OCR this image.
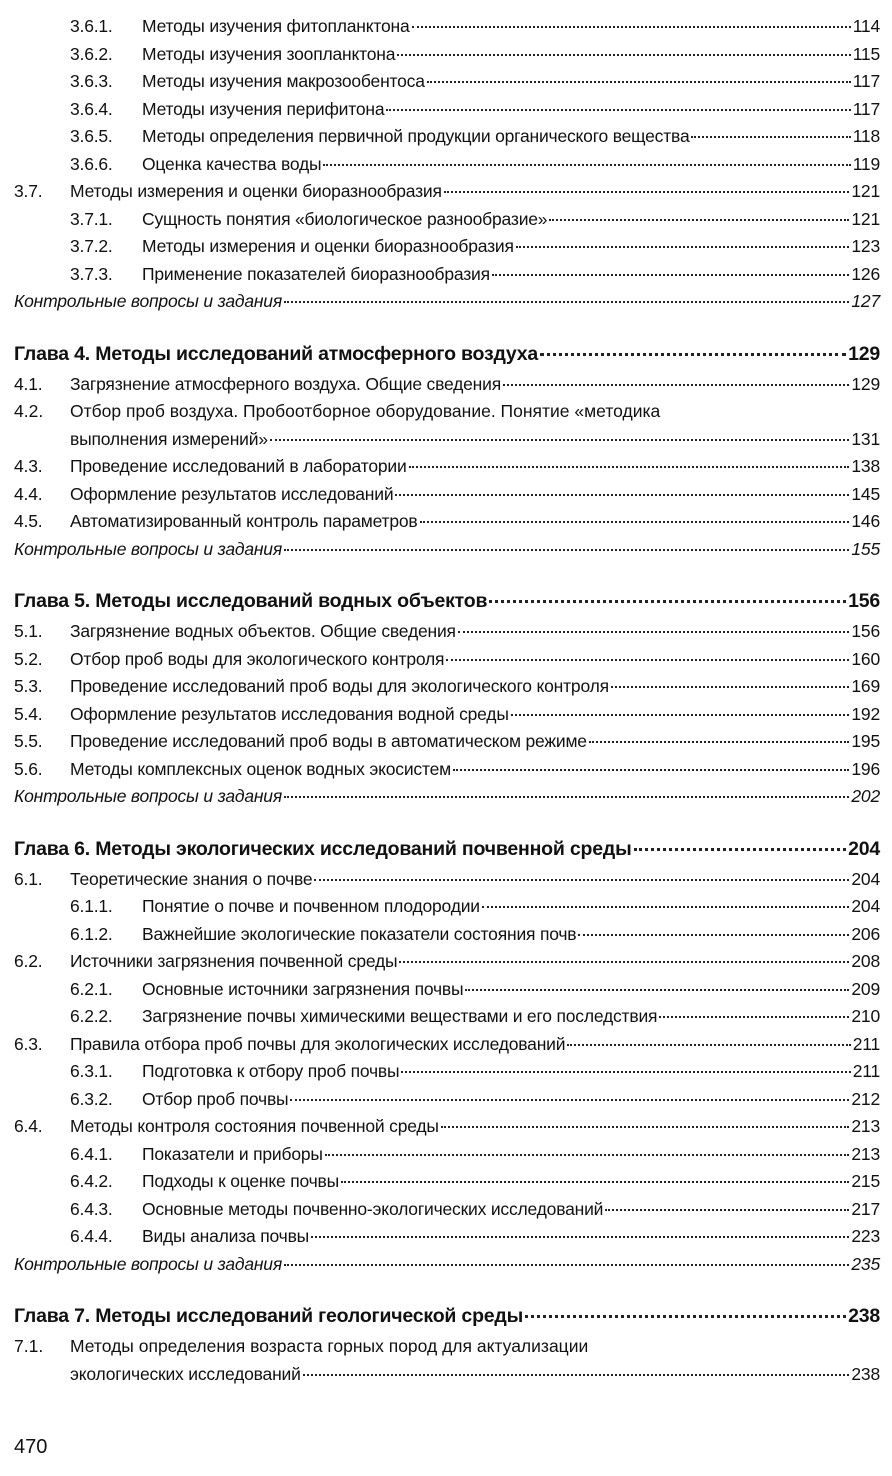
3.6.1.	Методы изучения фитопланктона	114
3.6.2.	Методы изучения зоопланктона	115
3.6.3.	Методы изучения макрозообентоса	117
3.6.4.	Методы изучения перифитона	117
3.6.5.	Методы определения первичной продукции органического вещества	118
3.6.6.	Оценка качества воды	119
3.7.	Методы измерения и оценки биоразнообразия	121
3.7.1.	Сущность понятия «биологическое разнообразие»	121
3.7.2.	Методы измерения и оценки биоразнообразия	123
3.7.3.	Применение показателей биоразнообразия	126
Контрольные вопросы и задания	127
Глава 4. Методы исследований атмосферного воздуха	129
4.1.	Загрязнение атмосферного воздуха. Общие сведения	129
4.2.	Отбор проб воздуха. Пробоотборное оборудование. Понятие «методика
выполнения измерений»	131
4.3.	Проведение исследований в лаборатории	138
4.4.	Оформление результатов исследований	145
4.5.	Автоматизированный контроль параметров	146
Контрольные вопросы и задания	155
Глава 5. Методы исследований водных объектов	156
5.1.	Загрязнение водных объектов. Общие сведения	156
5.2.	Отбор проб воды для экологического контроля	160
5.3.	Проведение исследований проб воды для экологического контроля	169
5.4.	Оформление результатов исследования водной среды	192
5.5.	Проведение исследований проб воды в автоматическом режиме	195
5.6.	Методы комплексных оценок водных экосистем	196
Контрольные вопросы и задания	202
Глава 6. Методы экологических исследований почвенной среды	204
6.1.	Теоретические знания о почве	204
6.1.1.	Понятие о почве и почвенном плодородии	204
6.1.2.	Важнейшие экологические показатели состояния почв	206
6.2.	Источники загрязнения почвенной среды	208
6.2.1.	Основные источники загрязнения почвы	209
6.2.2.	Загрязнение почвы химическими веществами и его последствия	210
6.3.	Правила отбора проб почвы для экологических исследований	211
6.3.1.	Подготовка к отбору проб почвы	211
6.3.2.	Отбор проб почвы	212
6.4.	Методы контроля состояния почвенной среды	213
6.4.1.	Показатели и приборы	213
6.4.2.	Подходы к оценке почвы	215
6.4.3.	Основные методы почвенно-экологических исследований	217
6.4.4.	Виды анализа почвы	223
Контрольные вопросы и задания	235
Глава 7. Методы исследований геологической среды	238
7.1.	Методы определения возраста горных пород для актуализации
экологических исследований	238
470
